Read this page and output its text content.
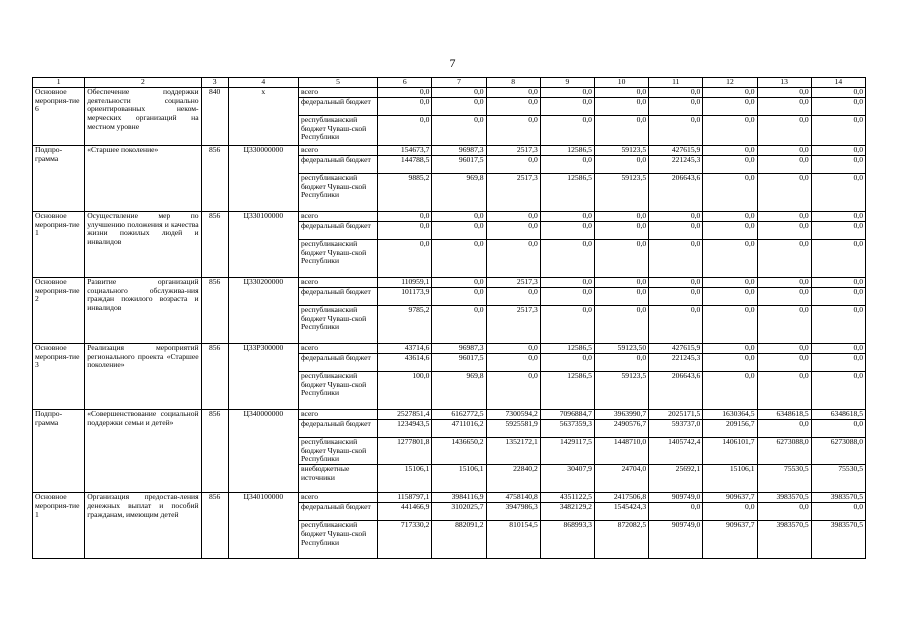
7
1	2	3	4	5	6	7	8	9	10	11	12	13	14
Основное мероприя-тие 6	Обеспечение поддержки деятельности социально ориентированных неком-мерческих организаций на местном уровне	840	х	всего	0,0	0,0	0,0	0,0	0,0	0,0	0,0	0,0	0,0
				федеральный бюджет	0,0	0,0	0,0	0,0	0,0	0,0	0,0	0,0	0,0
				республиканский бюджет Чуваш-ской Республики	0,0	0,0	0,0	0,0	0,0	0,0	0,0	0,0	0,0
Подпро-грамма	«Старшее поколение»	856	Ц330000000	всего	154673,7	96987,3	2517,3	12586,5	59123,5	427615,9	0,0	0,0	0,0
				федеральный бюджет	144788,5	96017,5	0,0	0,0	0,0	221245,3	0,0	0,0	0,0
				республиканский бюджет Чуваш-ской Республики	9885,2	969,8	2517,3	12586,5	59123,5	206643,6	0,0	0,0	0,0
Основное мероприя-тие 1	Осуществление мер по улучшению положения и качества жизни пожилых людей и инвалидов	856	Ц330100000	всего	0,0	0,0	0,0	0,0	0,0	0,0	0,0	0,0	0,0
				федеральный бюджет	0,0	0,0	0,0	0,0	0,0	0,0	0,0	0,0	0,0
				республиканский бюджет Чуваш-ской Республики	0,0	0,0	0,0	0,0	0,0	0,0	0,0	0,0	0,0
Основное мероприя-тие 2	Развитие организаций социального обслужива-ния граждан пожилого возраста и инвалидов	856	Ц330200000	всего	110959,1	0,0	2517,3	0,0	0,0	0,0	0,0	0,0	0,0
				федеральный бюджет	101173,9	0,0	0,0	0,0	0,0	0,0	0,0	0,0	0,0
				республиканский бюджет Чуваш-ской Республики	9785,2	0,0	2517,3	0,0	0,0	0,0	0,0	0,0	0,0
Основное мероприя-тие 3	Реализация мероприятий регионального проекта «Старшее поколение»	856	Ц33Р300000	всего	43714,6	96987,3	0,0	12586,5	59123,50	427615,9	0,0	0,0	0,0
				федеральный бюджет	43614,6	96017,5	0,0	0,0	0,0	221245,3	0,0	0,0	0,0
				республиканский бюджет Чуваш-ской Республики	100,0	969,8	0,0	12586,5	59123,5	206643,6	0,0	0,0	0,0
Подпро-грамма	«Совершенствование социальной поддержки семьи и детей»	856	Ц340000000	всего	2527851,4	6162772,5	7300594,2	7096884,7	3963990,7	2025171,5	1630364,5	6348618,5	6348618,5
				федеральный бюджет	1234943,5	4711016,2	5925581,9	5637359,3	2490576,7	593737,0	209156,7	0,0	0,0
				республиканский бюджет Чуваш-ской Республики	1277801,8	1436650,2	1352172,1	1429117,5	1448710,0	1405742,4	1406101,7	6273088,0	6273088,0
				внебюджетные источники	15106,1	15106,1	22840,2	30407,9	24704,0	25692,1	15106,1	75530,5	75530,5
Основное мероприя-тие 1	Организация предостав-ления денежных выплат и пособий гражданам, имеющим детей	856	Ц340100000	всего	1158797,1	3984116,9	4758140,8	4351122,5	2417506,8	909749,0	909637,7	3983570,5	3983570,5
				федеральный бюджет	441466,9	3102025,7	3947986,3	3482129,2	1545424,3	0,0	0,0	0,0	0,0
				республиканский бюджет Чуваш-ской Республики	717330,2	882091,2	810154,5	868993,3	872082,5	909749,0	909637,7	3983570,5	3983570,5
